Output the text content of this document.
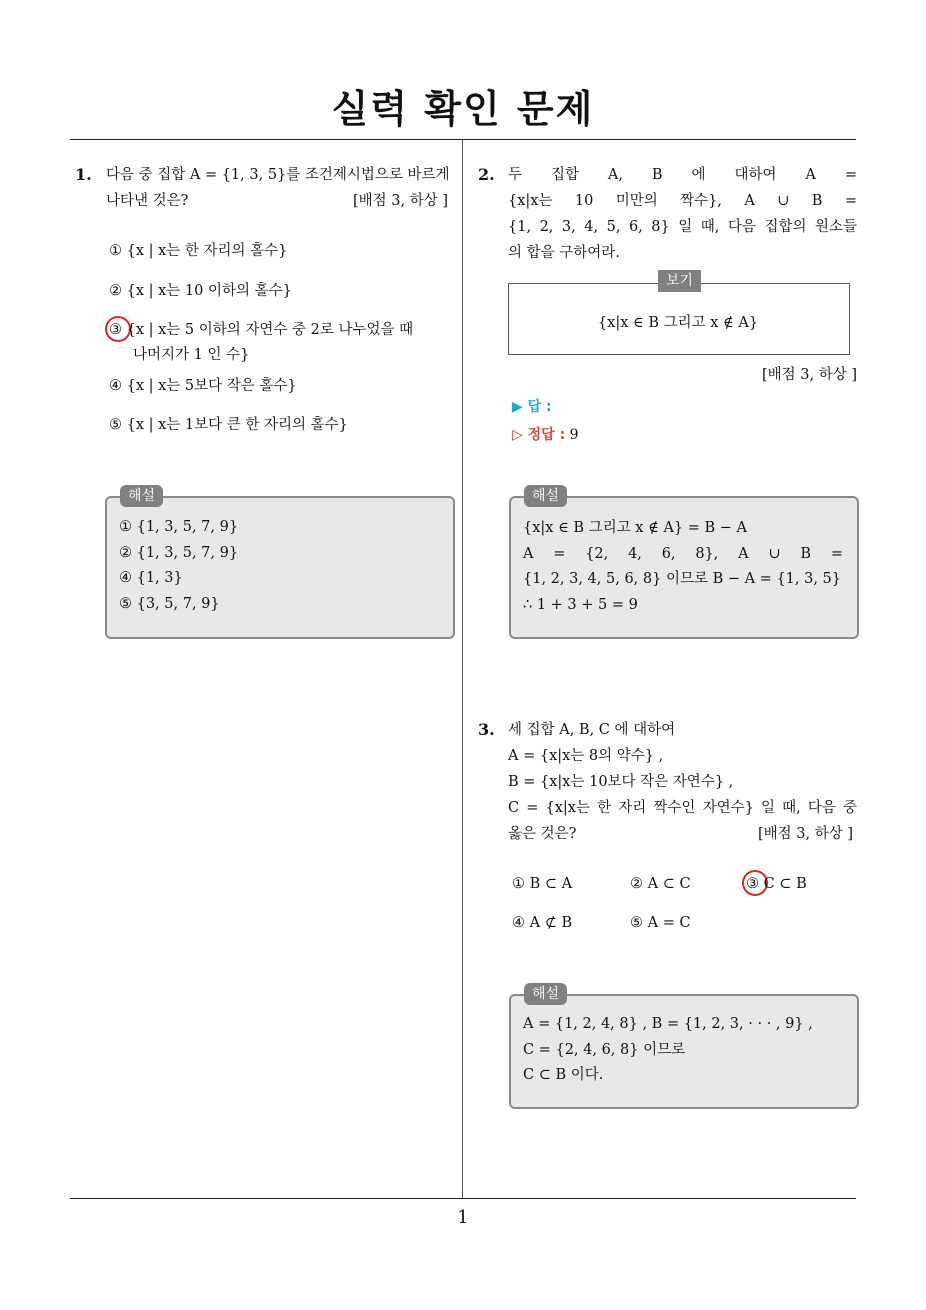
실력 확인 문제
1. 다음 중 집합 A = {1, 3, 5}를 조건제시법으로 바르게
나타낸 것은?	[배점 3, 하상 ]
① {x | x는 한 자리의 홀수}
② {x | x는 10 이하의 홀수}
③ {x | x는 5 이하의 자연수 중 2로 나누었을 때
나머지가 1 인 수}
④ {x | x는 5보다 작은 홀수}
⑤ {x | x는 1보다 큰 한 자리의 홀수}
해설
① {1, 3, 5, 7, 9}
② {1, 3, 5, 7, 9}
④ {1, 3}
⑤ {3, 5, 7, 9}
2. 두 집합 A, B 에 대하여 A =
{x|x는 10 미만의 짝수}, A ∪ B =
{1, 2, 3, 4, 5, 6, 8} 일 때, 다음 집합의 원소들
의 합을 구하여라.
보기
{x|x ∈ B 그리고 x ∉ A}
[배점 3, 하상 ]
▶ 답 :
▷ 정답 : 9
해설
{x|x ∈ B 그리고 x ∉ A} = B − A
A = {2, 4, 6, 8}, A ∪ B =
{1, 2, 3, 4, 5, 6, 8} 이므로 B − A = {1, 3, 5}
∴ 1 + 3 + 5 = 9
3. 세 집합 A, B, C 에 대하여
A = {x|x는 8의 약수} ,
B = {x|x는 10보다 작은 자연수} ,
C = {x|x는 한 자리 짝수인 자연수} 일 때, 다음 중
옳은 것은?	[배점 3, 하상 ]
① B ⊂ A	② A ⊂ C	③ C ⊂ B
④ A ⊄ B	⑤ A = C
해설
A = {1, 2, 4, 8} , B = {1, 2, 3, · · · , 9} ,
C = {2, 4, 6, 8} 이므로
C ⊂ B 이다.
1
